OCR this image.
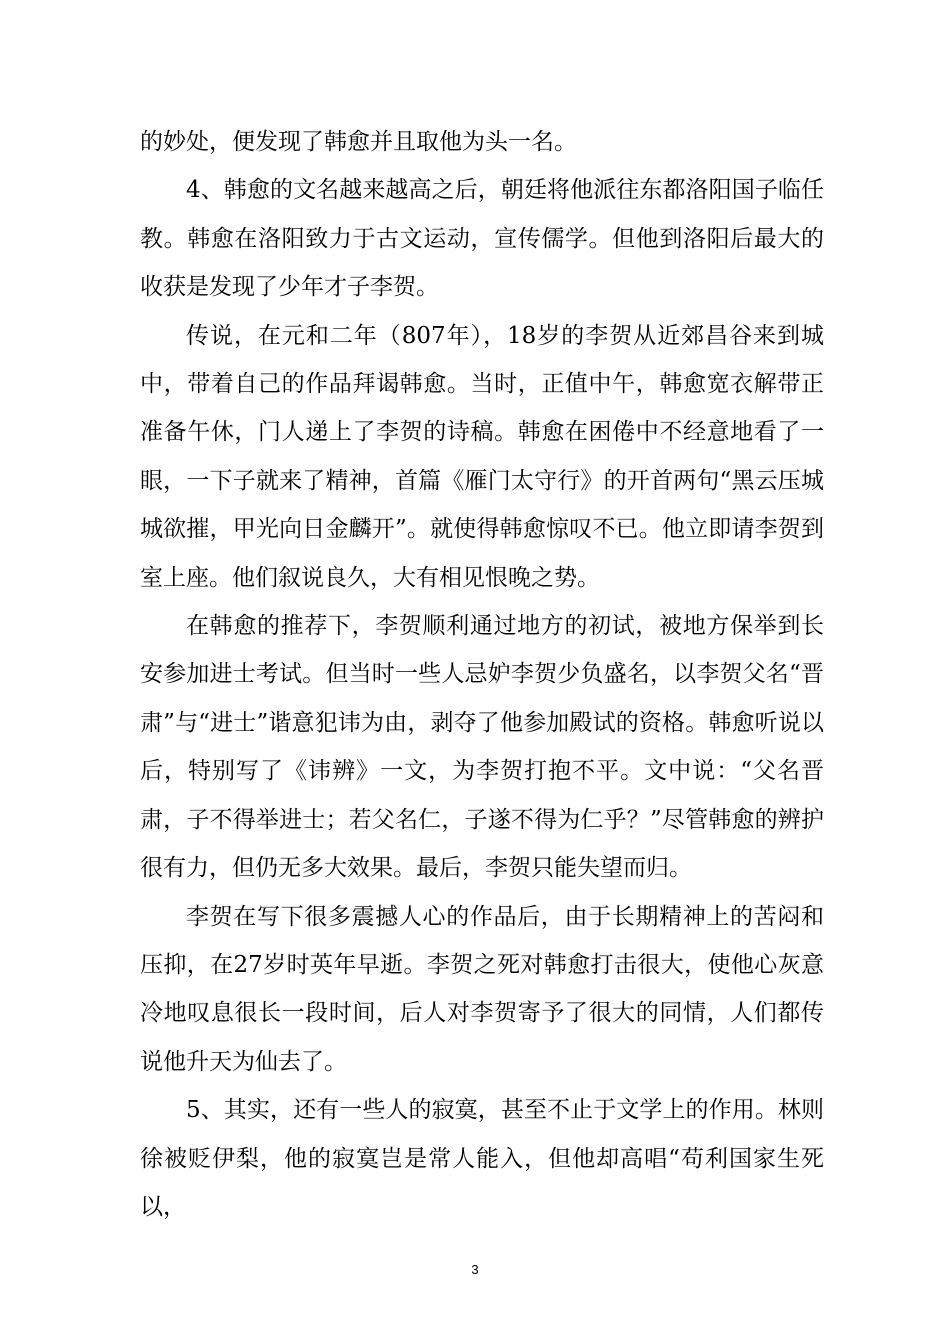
的妙处，便发现了韩愈并且取他为头一名。

4、韩愈的文名越来越高之后，朝廷将他派往东都洛阳国子临任教。韩愈在洛阳致力于古文运动，宣传儒学。但他到洛阳后最大的收获是发现了少年才子李贺。

传说，在元和二年（807年），18岁的李贺从近郊昌谷来到城中，带着自己的作品拜谒韩愈。当时，正值中午，韩愈宽衣解带正准备午休，门人递上了李贺的诗稿。韩愈在困倦中不经意地看了一眼，一下子就来了精神，首篇《雁门太守行》的开首两句“黑云压城城欲摧，甲光向日金麟开”。就使得韩愈惊叹不已。他立即请李贺到室上座。他们叙说良久，大有相见恨晚之势。

在韩愈的推荐下，李贺顺利通过地方的初试，被地方保举到长安参加进士考试。但当时一些人忌妒李贺少负盛名，以李贺父名“晋肃”与“进士”谐意犯讳为由，剥夺了他参加殿试的资格。韩愈听说以后，特别写了《讳辨》一文，为李贺打抱不平。文中说：“父名晋肃，子不得举进士；若父名仁，子遂不得为仁乎？”尽管韩愈的辨护很有力，但仍无多大效果。最后，李贺只能失望而归。

李贺在写下很多震撼人心的作品后，由于长期精神上的苦闷和压抑，在27岁时英年早逝。李贺之死对韩愈打击很大，使他心灰意冷地叹息很长一段时间，后人对李贺寄予了很大的同情，人们都传说他升天为仙去了。

5、其实，还有一些人的寂寞，甚至不止于文学上的作用。林则徐被贬伊梨，他的寂寞岂是常人能入，但他却高唱“苟利国家生死以，

3
